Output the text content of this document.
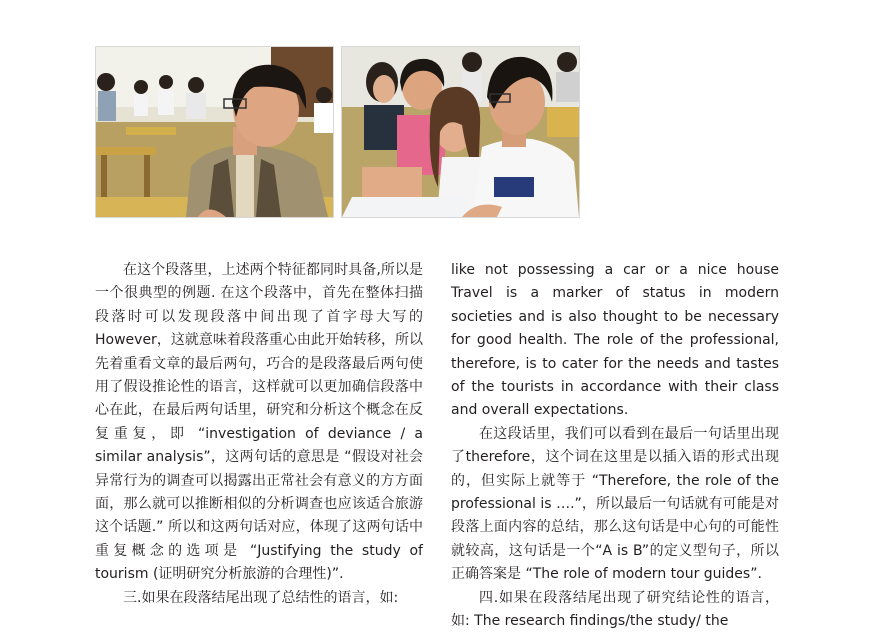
在这个段落里，上述两个特征都同时具备,所以是一个很典型的例题. 在这个段落中，首先在整体扫描段落时可以发现段落中间出现了首字母大写的However，这就意味着段落重心由此开始转移，所以先着重看文章的最后两句，巧合的是段落最后两句使用了假设推论性的语言，这样就可以更加确信段落中心在此，在最后两句话里，研究和分析这个概念在反复重复，即 “investigation of deviance / a similar analysis”，这两句话的意思是 “假设对社会异常行为的调查可以揭露出正常社会有意义的方方面面，那么就可以推断相似的分析调查也应该适合旅游这个话题.” 所以和这两句话对应，体现了这两句话中重复概念的选项是 “Justifying the study of tourism (证明研究分析旅游的合理性)”.

三.如果在段落结尾出现了总结性的语言，如:

like not possessing a car or a nice house Travel is a marker of status in modern societies and is also thought to be necessary for good health. The role of the professional, therefore, is to cater for the needs and tastes of the tourists in accordance with their class and overall expectations.

在这段话里，我们可以看到在最后一句话里出现了therefore，这个词在这里是以插入语的形式出现的，但实际上就等于 “Therefore, the role of the professional is ….”，所以最后一句话就有可能是对段落上面内容的总结，那么这句话是中心句的可能性就较高，这句话是一个“A is B”的定义型句子，所以正确答案是 “The role of modern tour guides”.

四.如果在段落结尾出现了研究结论性的语言，如: The research findings/the study/ the
